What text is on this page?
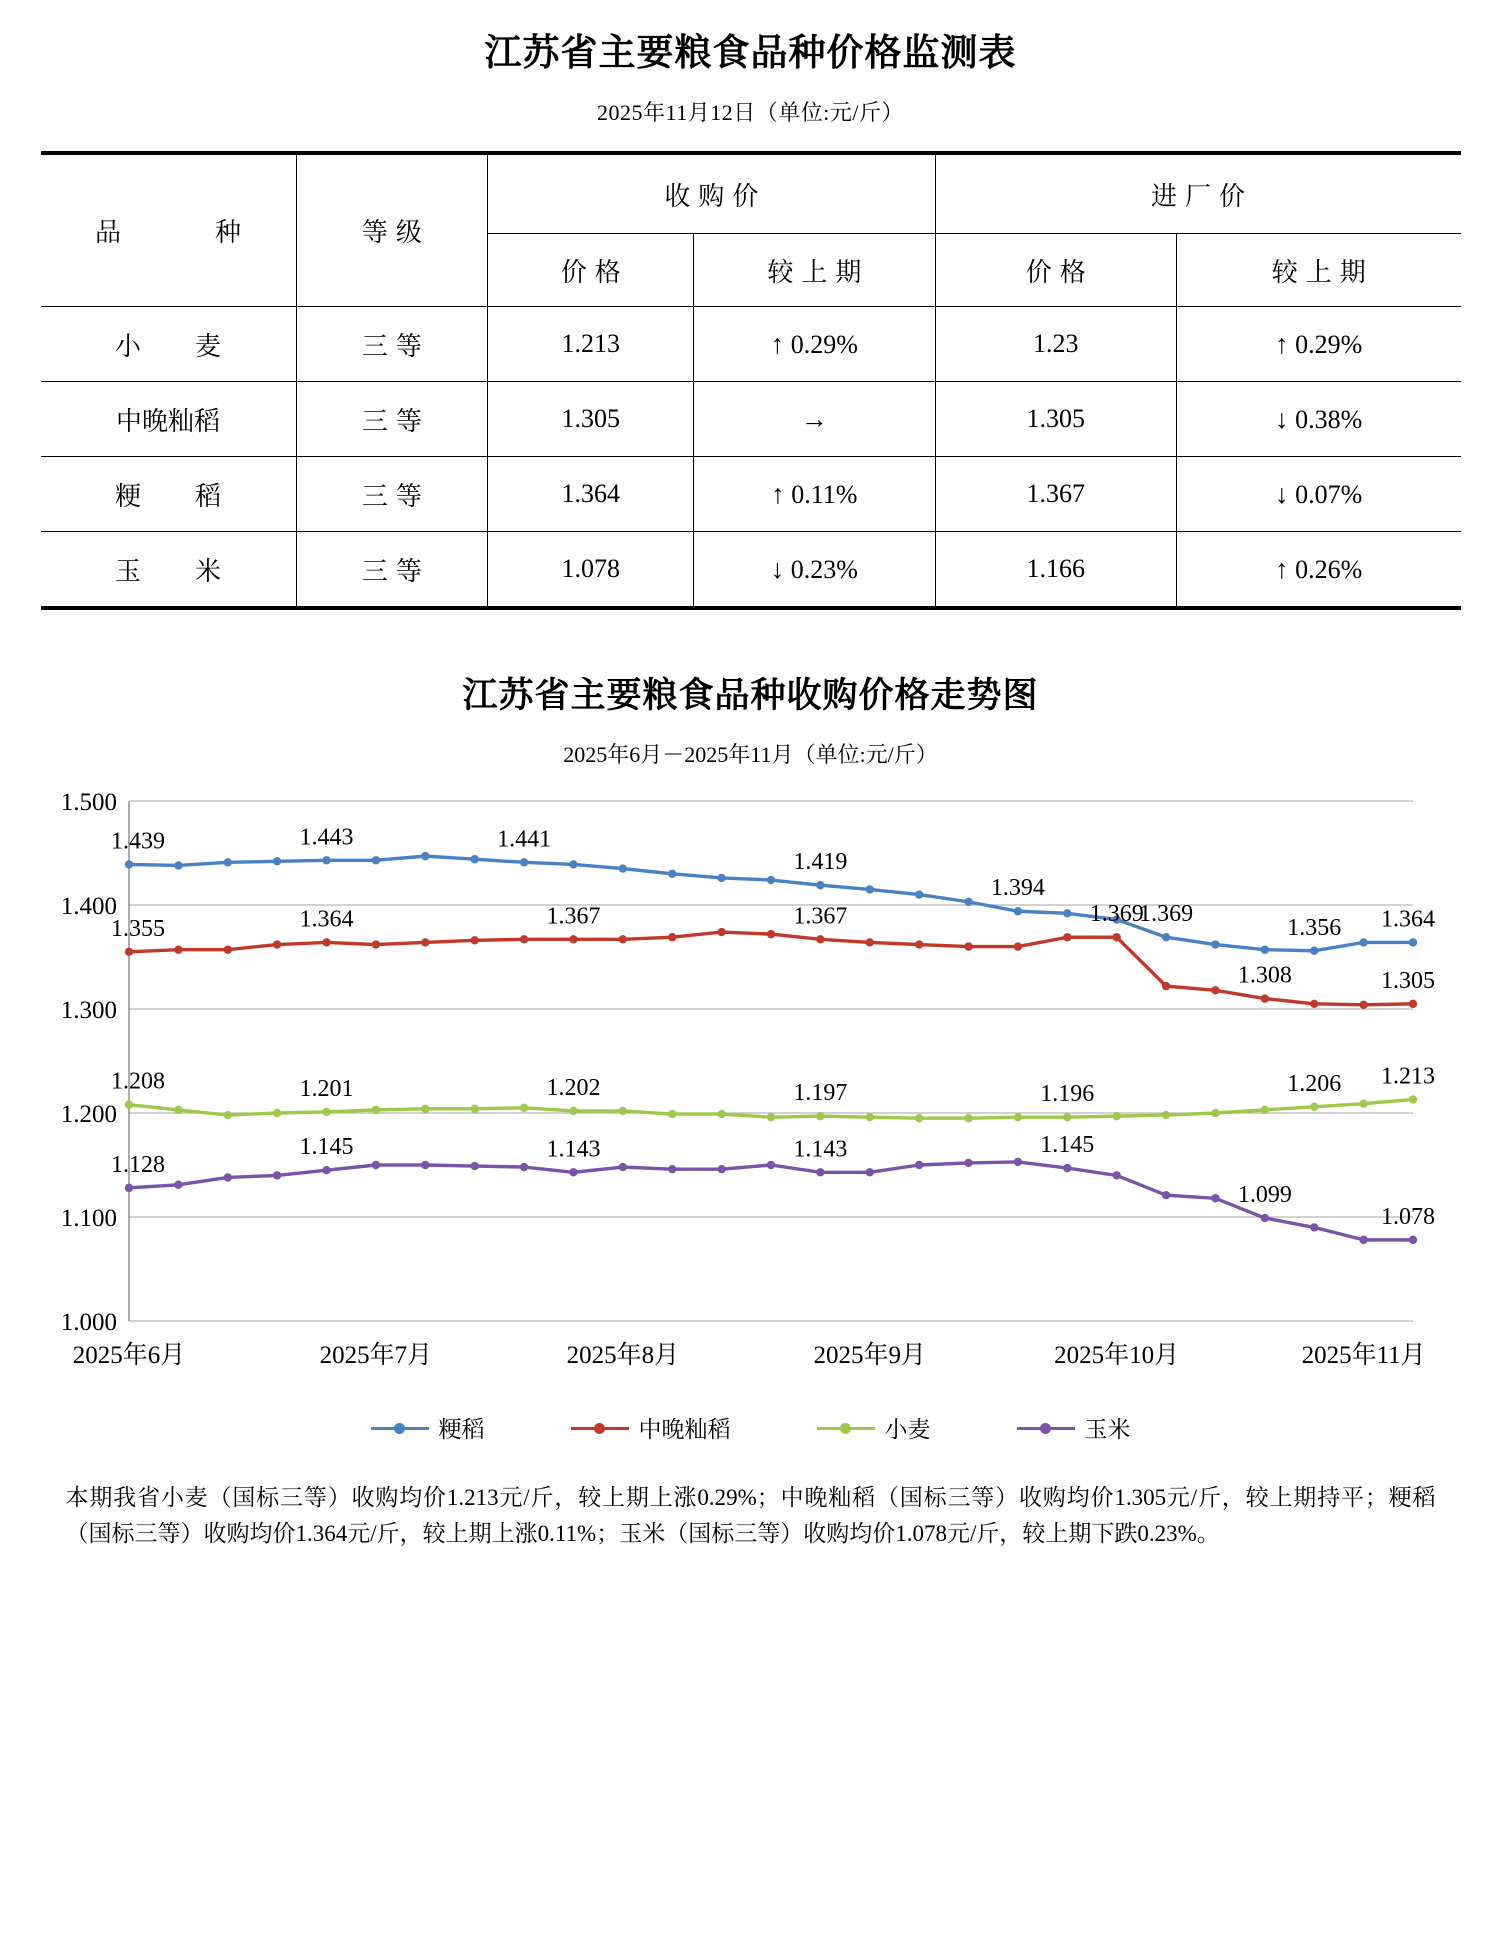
江苏省主要粮食品种价格监测表
2025年11月12日（单位:元/斤）
品　　种	等级	收购价		进厂价	
		价格	较上期	价格	较上期
小　麦	三等	1.213	↑ 0.29%	1.23	↑ 0.29%
中晚籼稻	三等	1.305	→	1.305	↓ 0.38%
粳　稻	三等	1.364	↑ 0.11%	1.367	↓ 0.07%
玉　米	三等	1.078	↓ 0.23%	1.166	↑ 0.26%
江苏省主要粮食品种收购价格走势图
2025年6月－2025年11月（单位:元/斤）
1.000
1.100
1.200
1.300
1.400
1.500
2025年6月	2025年7月	2025年8月	2025年9月	2025年10月	2025年11月
1.439	1.443	1.441
1.419
1.394
1.369
1.356 1.364
1.355	1.364	1.367	1.367	1.369
1.308	1.305
1.208	1.201	1.202	1.197	1.196	1.206 1.213
1.128
1.145	1.143	1.143	1.145
1.099
1.078
粳稻	中晚籼稻	小麦	玉米
本期我省小麦（国标三等）收购均价1.213元/斤，较上期上涨0.29%；中晚籼稻（国标三等）收购均价1.305元/斤，较上期持平；粳稻（国标三等）收购均价1.364元/斤，较上期上涨0.11%；玉米（国标三等）收购均价1.078元/斤，较上期下跌0.23%。
